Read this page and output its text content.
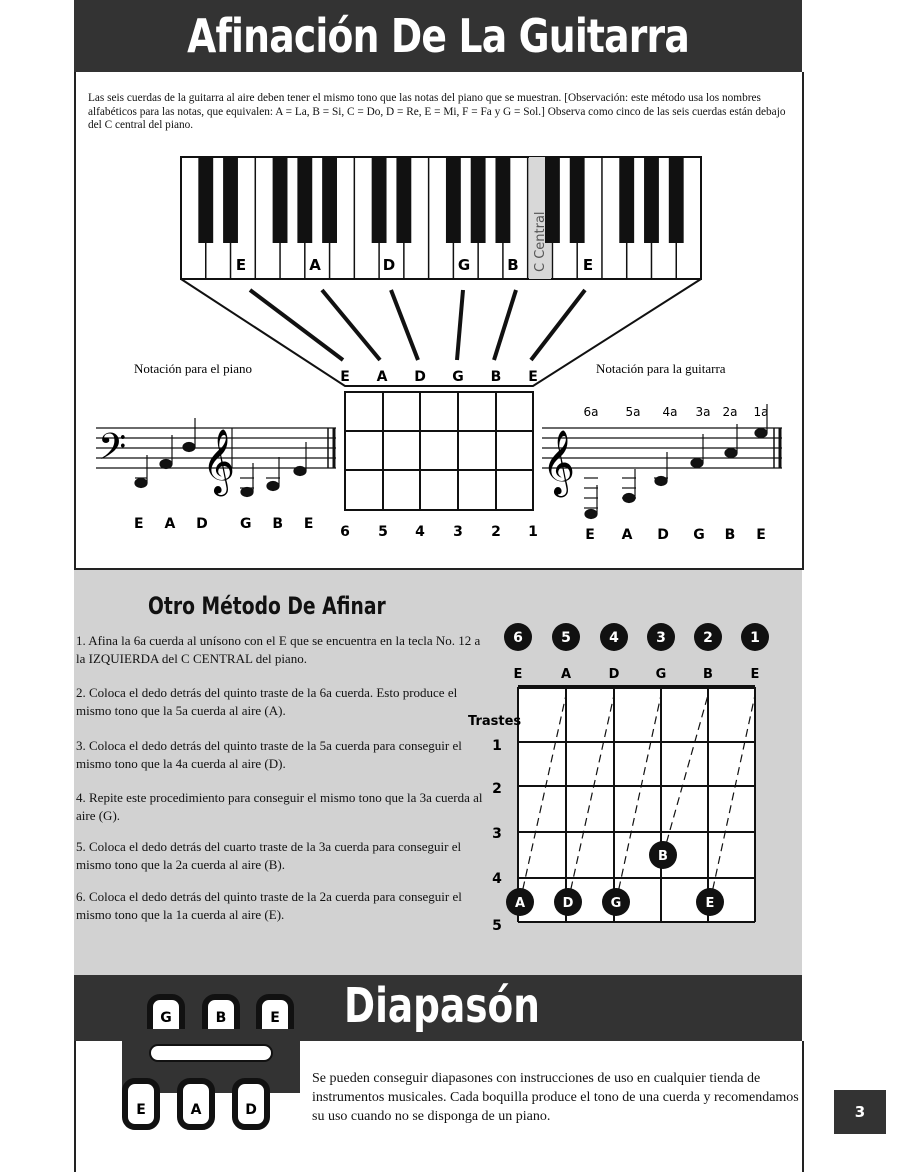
Afinación De La Guitarra
Las seis cuerdas de la guitarra al aire deben tener el mismo tono que las notas del piano que se muestran. [Observación: este método usa los nombres alfabéticos para las notas, que equivalen: A = La, B = Si, C = Do, D = Re, E = Mi, F = Fa y G = Sol.] Observa como cinco de las seis cuerdas están debajo del C central del piano.
C Central
E	A	D	G B	E
E A D G B E
6 5 4 3 2 1
Notación para el piano	Notación para la guitarra
𝄢 𝄞
E A D G B E
𝄞
6a 5a 4a 3a 2a 1a
E A D G B E
Otro Método De Afinar
1. Afina la 6a cuerda al unísono con el E que se encuentra en la tecla No. 12 a la IZQUIERDA del C CENTRAL del piano.
2. Coloca el dedo detrás del quinto traste de la 6a cuerda. Esto produce el mismo tono que la 5a cuerda al aire (A).
3. Coloca el dedo detrás del quinto traste de la 5a cuerda para conseguir el mismo tono que la 4a cuerda al aire (D).
4. Repite este procedimiento para conseguir el mismo tono que la 3a cuerda al aire (G).
5. Coloca el dedo detrás del cuarto traste de la 3a cuerda para conseguir el mismo tono que la 2a cuerda al aire (B).
6. Coloca el dedo detrás del quinto traste de la 2a cuerda para conseguir el mismo tono que la 1a cuerda al aire (E).
6	5	4	3	2	1
E	A	D	G	B	E
Trastes
1
2
3
4
5
A	D	G
B
E
Diapasón
G	B	E
E	A	D
Se pueden conseguir diapasones con instrucciones de uso en cualquier tienda de instrumentos musicales. Cada boquilla produce el tono de una cuerda y recomendamos su uso cuando no se disponga de un piano.	3
